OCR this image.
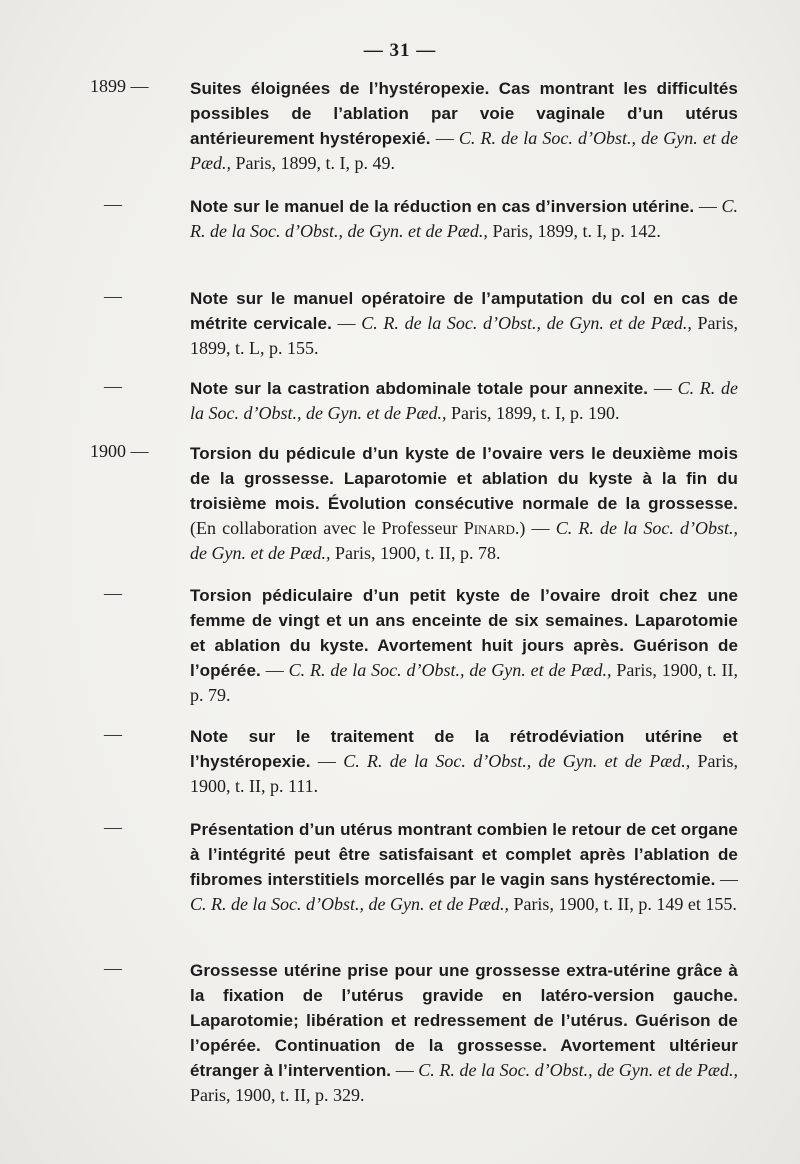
— 31 —
1899 — Suites éloignées de l’hystéropexie. Cas montrant les difficultés possibles de l’ablation par voie vaginale d’un utérus antérieurement hystéropexié. — C. R. de la Soc. d’Obst., de Gyn. et de Pæd., Paris, 1899, t. I, p. 49.
—	Note sur le manuel de la réduction en cas d’inversion utérine. — C. R. de la Soc. d’Obst., de Gyn. et de Pæd., Paris, 1899, t. I, p. 142.
—	Note sur le manuel opératoire de l’amputation du col en cas de métrite cervicale. — C. R. de la Soc. d’Obst., de Gyn. et de Pæd., Paris, 1899, t. L, p. 155.
—	Note sur la castration abdominale totale pour annexite. — C. R. de la Soc. d’Obst., de Gyn. et de Pæd., Paris, 1899, t. I, p. 190.
1900 — Torsion du pédicule d’un kyste de l’ovaire vers le deuxième mois de la grossesse. Laparotomie et ablation du kyste à la fin du troisième mois. Évolution consécutive normale de la grossesse. (En collaboration avec le Professeur Pinard.) — C. R. de la Soc. d’Obst., de Gyn. et de Pæd., Paris, 1900, t. II, p. 78.
—	Torsion pédiculaire d’un petit kyste de l’ovaire droit chez une femme de vingt et un ans enceinte de six semaines. Laparotomie et ablation du kyste. Avortement huit jours après. Guérison de l’opérée. — C. R. de la Soc. d’Obst., de Gyn. et de Pæd., Paris, 1900, t. II, p. 79.
—	Note sur le traitement de la rétrodéviation utérine et l’hystéropexie. — C. R. de la Soc. d’Obst., de Gyn. et de Pæd., Paris, 1900, t. II, p. 111.
—	Présentation d’un utérus montrant combien le retour de cet organe à l’intégrité peut être satisfaisant et complet après l’ablation de fibromes interstitiels morcellés par le vagin sans hystérectomie. — C. R. de la Soc. d’Obst., de Gyn. et de Pæd., Paris, 1900, t. II, p. 149 et 155.
—	Grossesse utérine prise pour une grossesse extra-utérine grâce à la fixation de l’utérus gravide en latéro-version gauche. Laparotomie; libération et redressement de l’utérus. Guérison de l’opérée. Continuation de la grossesse. Avortement ultérieur étranger à l’intervention. — C. R. de la Soc. d’Obst., de Gyn. et de Pæd., Paris, 1900, t. II, p. 329.
